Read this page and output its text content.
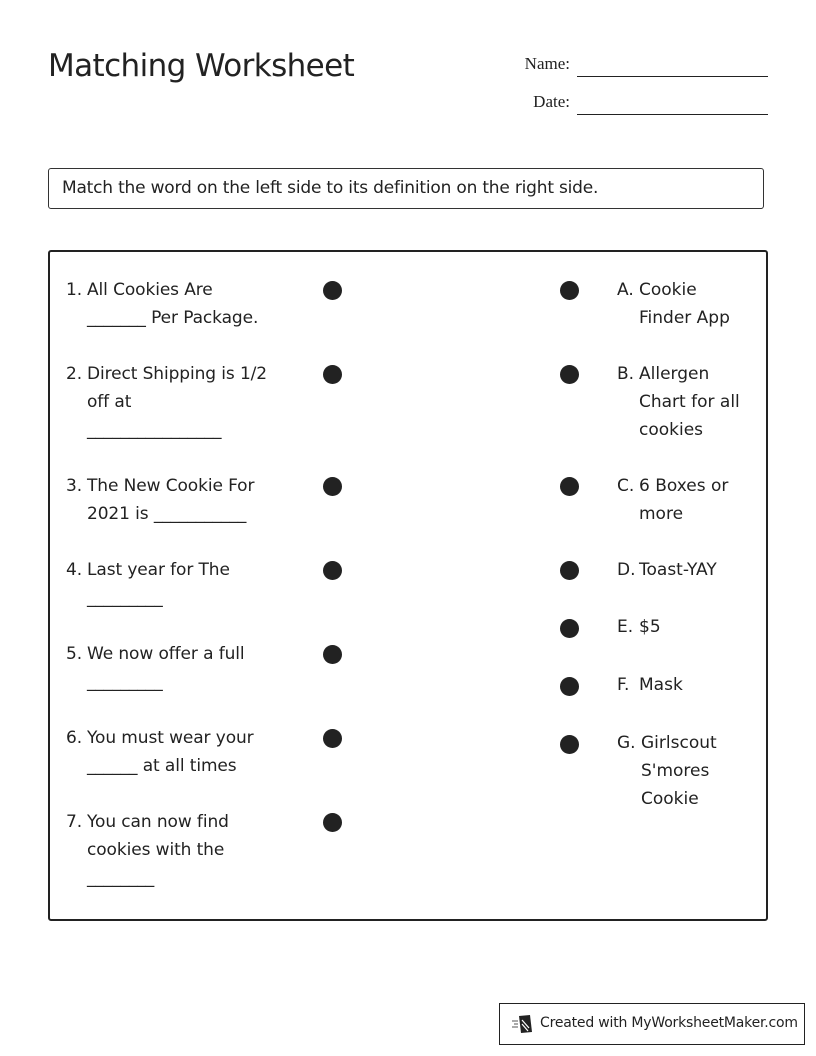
Matching Worksheet	Name:
Date:
Match the word on the left side to its definition on the right side.
1. All Cookies Are
_______ Per Package.
2. Direct Shipping is 1/2
off at
________________
3. The New Cookie For
2021 is ___________
4. Last year for The
_________
5. We now offer a full
_________
6. You must wear your
______ at all times
7. You can now find
cookies with the
________
A. Cookie
Finder App
B. Allergen
Chart for all
cookies
C. 6 Boxes or
more
D. Toast-YAY
E. $5
F. Mask
G. Girlscout
S'mores
Cookie
Created with MyWorksheetMaker.com
